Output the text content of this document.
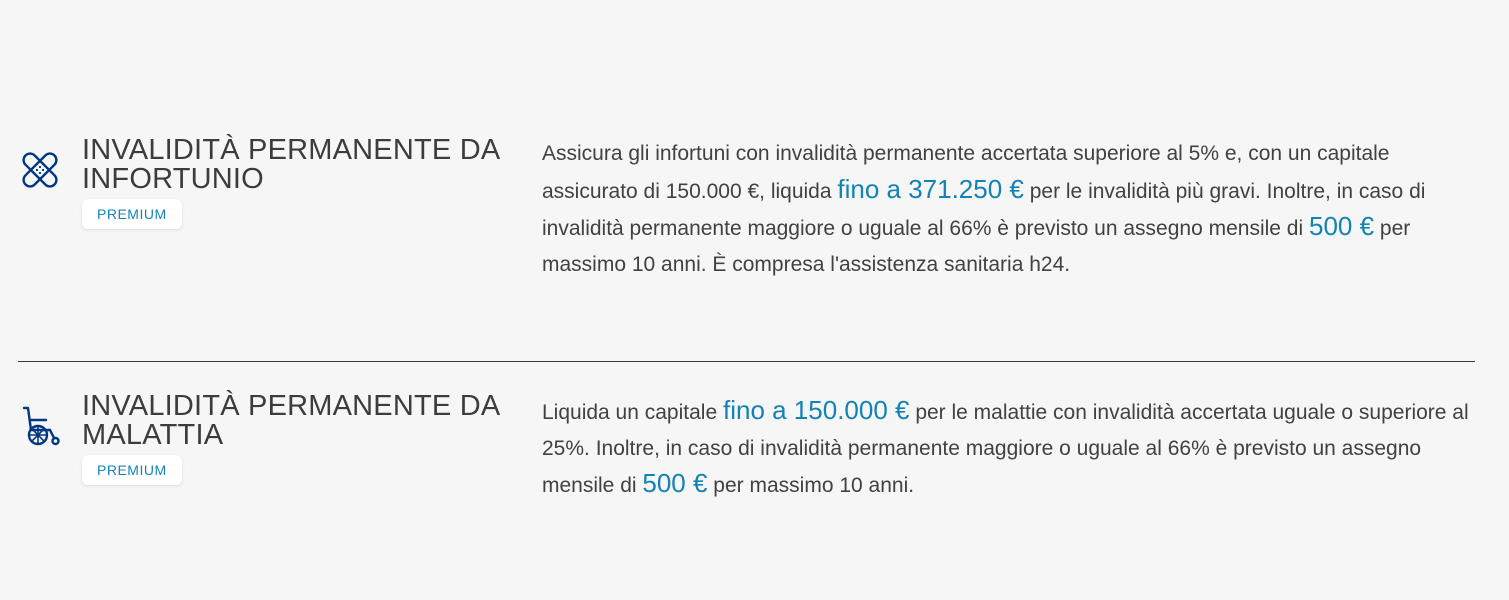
INVALIDITÀ PERMANENTE DA
INFORTUNIO
PREMIUM

Assicura gli infortuni con invalidità permanente accertata superiore al 5% e, con un capitale assicurato di 150.000 €, liquida fino a 371.250 € per le invalidità più gravi. Inoltre, in caso di invalidità permanente maggiore o uguale al 66% è previsto un assegno mensile di 500 € per massimo 10 anni. È compresa l'assistenza sanitaria h24.

INVALIDITÀ PERMANENTE DA
MALATTIA
PREMIUM

Liquida un capitale fino a 150.000 € per le malattie con invalidità accertata uguale o superiore al 25%. Inoltre, in caso di invalidità permanente maggiore o uguale al 66% è previsto un assegno mensile di 500 € per massimo 10 anni.
